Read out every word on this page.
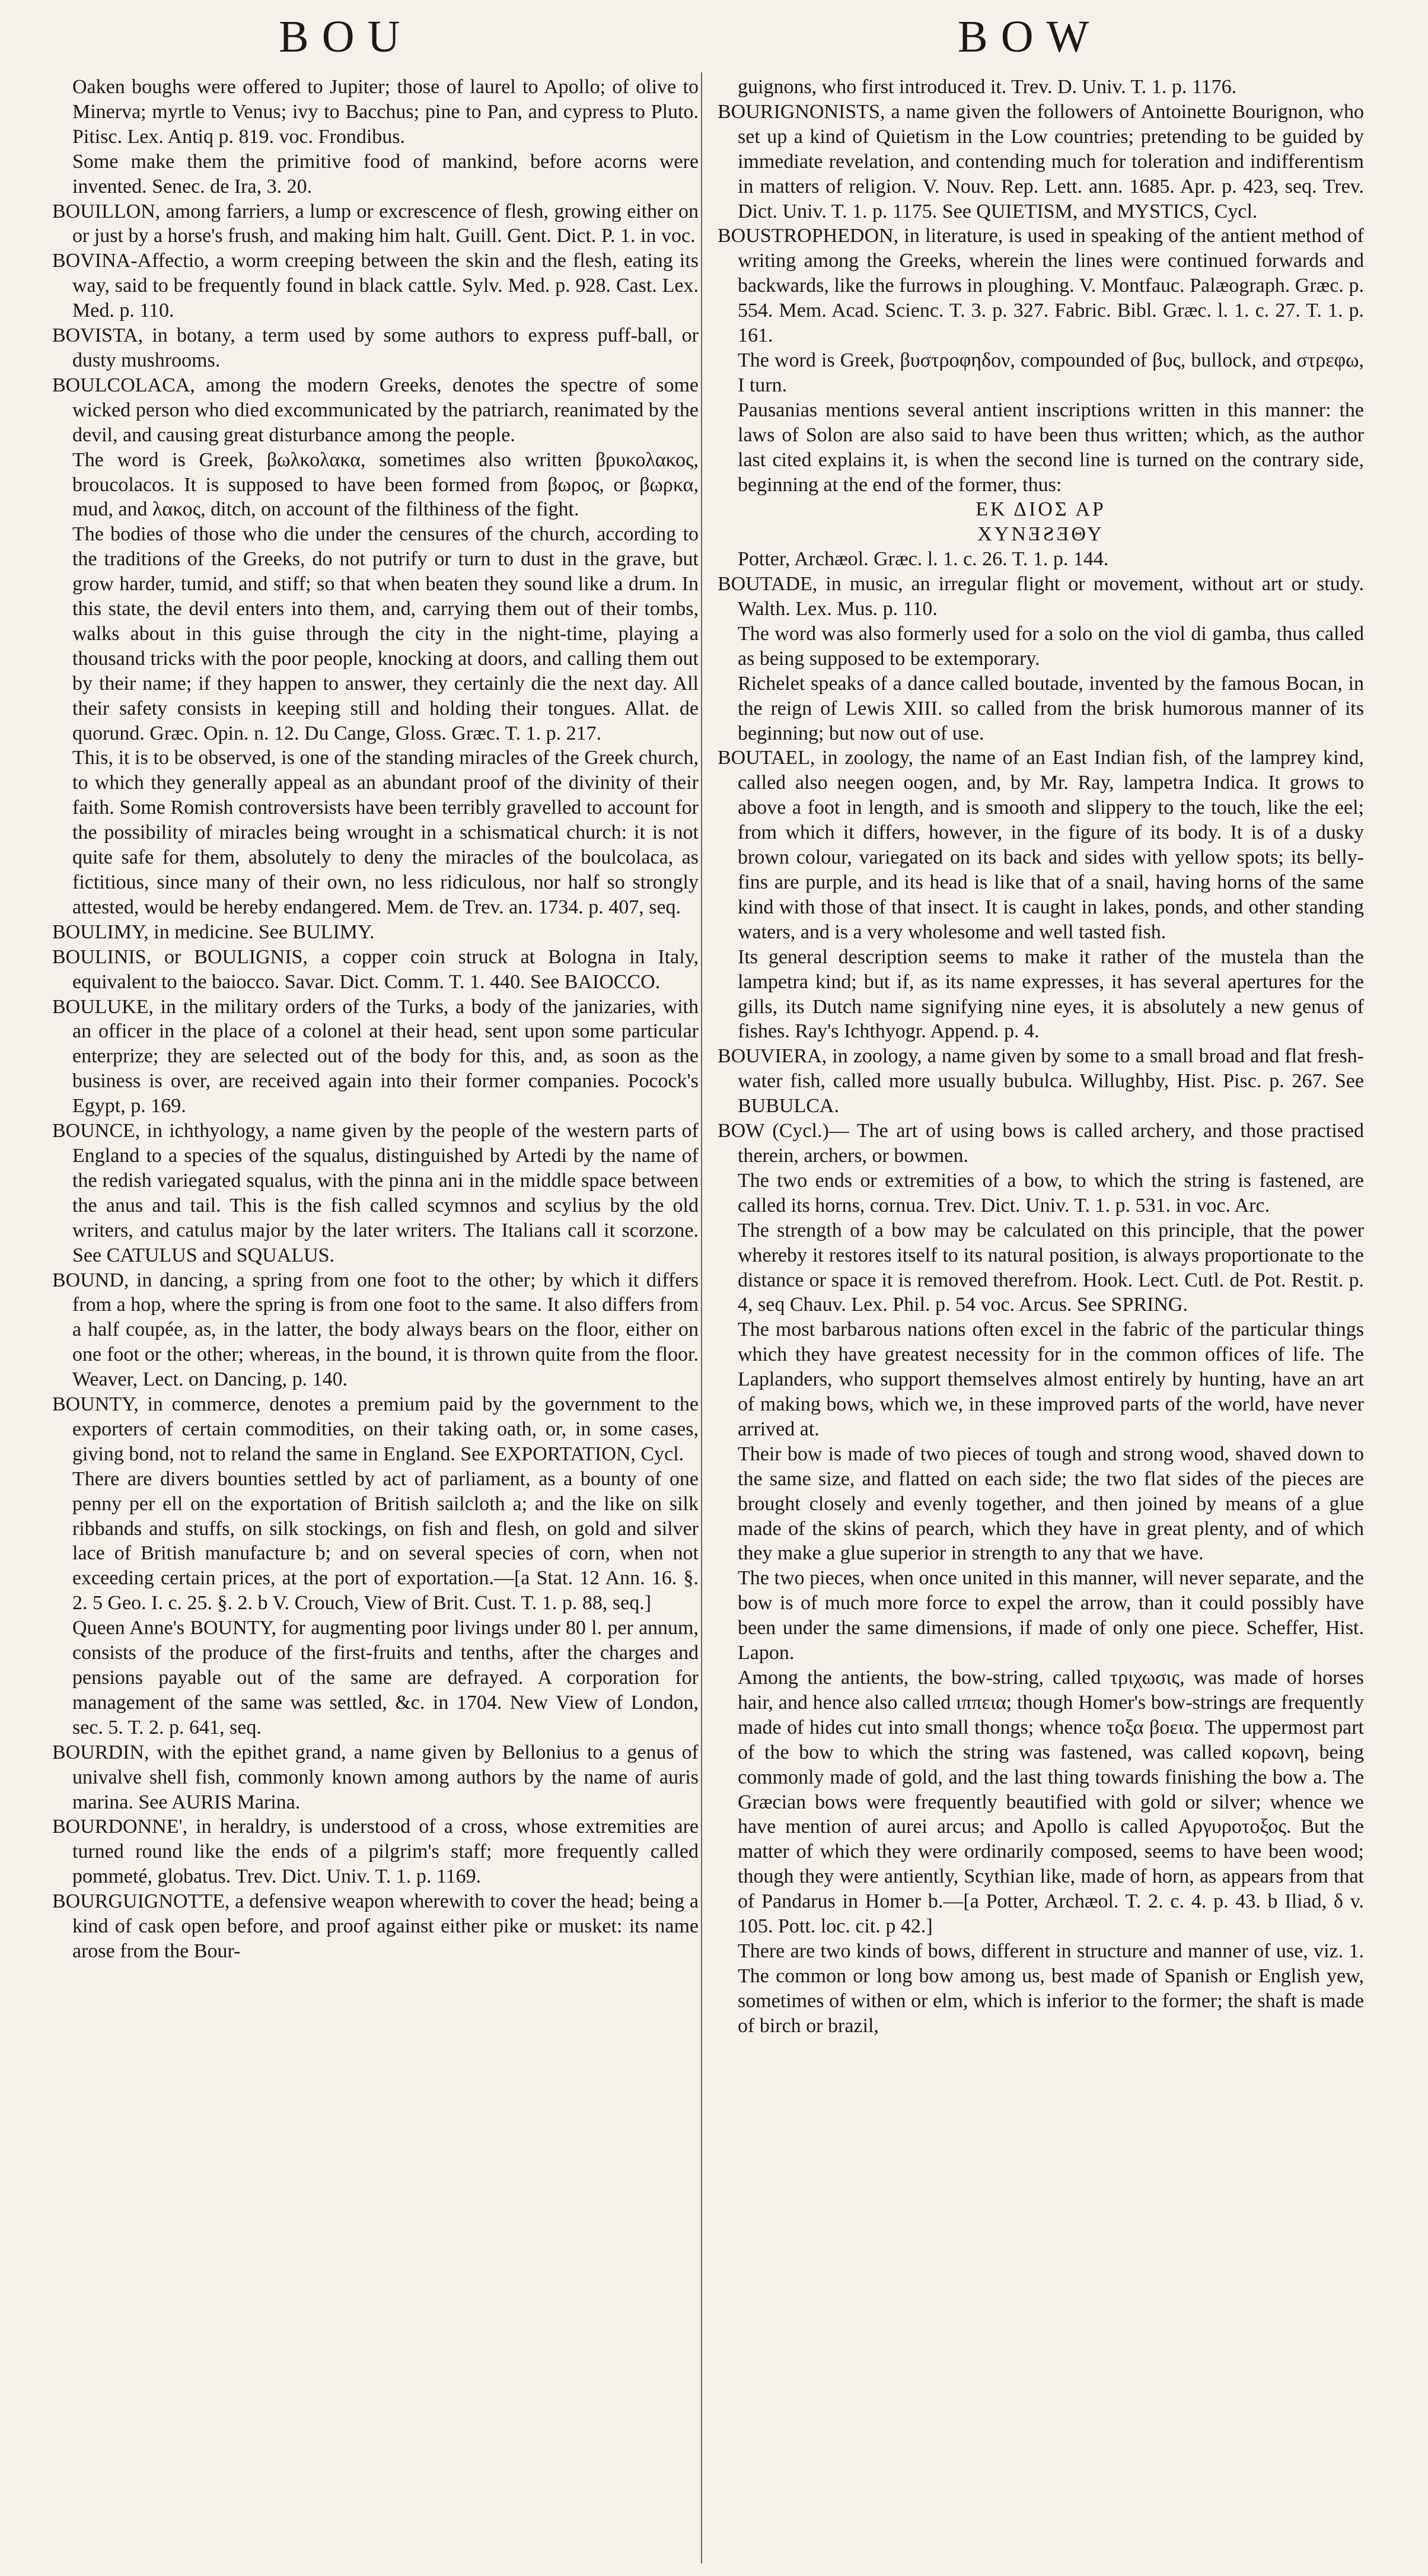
BOU	BOW

Oaken boughs were offered to Jupiter; those of laurel to Apollo; of olive to Minerva; myrtle to Venus; ivy to Bacchus; pine to Pan, and cypress to Pluto. Pitisc. Lex. Antiq p. 819. voc. Frondibus.

Some make them the primitive food of mankind, before acorns were invented. Senec. de Ira, 3. 20.

BOUILLON, among farriers, a lump or excrescence of flesh, growing either on or just by a horse's frush, and making him halt. Guill. Gent. Dict. P. 1. in voc.

BOVINA-Affectio, a worm creeping between the skin and the flesh, eating its way, said to be frequently found in black cattle. Sylv. Med. p. 928. Cast. Lex. Med. p. 110.

BOVISTA, in botany, a term used by some authors to express puff-ball, or dusty mushrooms.

BOULCOLACA, among the modern Greeks, denotes the spectre of some wicked person who died excommunicated by the patriarch, reanimated by the devil, and causing great disturbance among the people.

The word is Greek, βωλκολακα, sometimes also written βρυκολακος, broucolacos. It is supposed to have been formed from βωρος, or βωρκα, mud, and λακος, ditch, on account of the filthiness of the fight.

The bodies of those who die under the censures of the church, according to the traditions of the Greeks, do not putrify or turn to dust in the grave, but grow harder, tumid, and stiff; so that when beaten they sound like a drum. In this state, the devil enters into them, and, carrying them out of their tombs, walks about in this guise through the city in the night-time, playing a thousand tricks with the poor people, knocking at doors, and calling them out by their name; if they happen to answer, they certainly die the next day. All their safety consists in keeping still and holding their tongues. Allat. de quorund. Græc. Opin. n. 12. Du Cange, Gloss. Græc. T. 1. p. 217.

This, it is to be observed, is one of the standing miracles of the Greek church, to which they generally appeal as an abundant proof of the divinity of their faith. Some Romish controversists have been terribly gravelled to account for the possibility of miracles being wrought in a schismatical church: it is not quite safe for them, absolutely to deny the miracles of the boulcolaca, as fictitious, since many of their own, no less ridiculous, nor half so strongly attested, would be hereby endangered. Mem. de Trev. an. 1734. p. 407, seq.

BOULIMY, in medicine. See BULIMY.

BOULINIS, or BOULIGNIS, a copper coin struck at Bologna in Italy, equivalent to the baiocco. Savar. Dict. Comm. T. 1. 440. See BAIOCCO.

BOULUKE, in the military orders of the Turks, a body of the janizaries, with an officer in the place of a colonel at their head, sent upon some particular enterprize; they are selected out of the body for this, and, as soon as the business is over, are received again into their former companies. Pocock's Egypt, p. 169.

BOUNCE, in ichthyology, a name given by the people of the western parts of England to a species of the squalus, distinguished by Artedi by the name of the redish variegated squalus, with the pinna ani in the middle space between the anus and tail. This is the fish called scymnos and scylius by the old writers, and catulus major by the later writers. The Italians call it scorzone. See CATULUS and SQUALUS.

BOUND, in dancing, a spring from one foot to the other; by which it differs from a hop, where the spring is from one foot to the same. It also differs from a half coupée, as, in the latter, the body always bears on the floor, either on one foot or the other; whereas, in the bound, it is thrown quite from the floor. Weaver, Lect. on Dancing, p. 140.

BOUNTY, in commerce, denotes a premium paid by the government to the exporters of certain commodities, on their taking oath, or, in some cases, giving bond, not to reland the same in England. See EXPORTATION, Cycl.

There are divers bounties settled by act of parliament, as a bounty of one penny per ell on the exportation of British sailcloth a; and the like on silk ribbands and stuffs, on silk stockings, on fish and flesh, on gold and silver lace of British manufacture b; and on several species of corn, when not exceeding certain prices, at the port of exportation.—[a Stat. 12 Ann. 16. §. 2. 5 Geo. I. c. 25. §. 2. b V. Crouch, View of Brit. Cust. T. 1. p. 88, seq.]

Queen Anne's BOUNTY, for augmenting poor livings under 80 l. per annum, consists of the produce of the first-fruits and tenths, after the charges and pensions payable out of the same are defrayed. A corporation for management of the same was settled, &c. in 1704. New View of London, sec. 5. T. 2. p. 641, seq.

BOURDIN, with the epithet grand, a name given by Bellonius to a genus of univalve shell fish, commonly known among authors by the name of auris marina. See AURIS Marina.

BOURDONNE', in heraldry, is understood of a cross, whose extremities are turned round like the ends of a pilgrim's staff; more frequently called pommeté, globatus. Trev. Dict. Univ. T. 1. p. 1169.

BOURGUIGNOTTE, a defensive weapon wherewith to cover the head; being a kind of cask open before, and proof against either pike or musket: its name arose from the Bour-

guignons, who first introduced it. Trev. D. Univ. T. 1. p. 1176.

BOURIGNONISTS, a name given the followers of Antoinette Bourignon, who set up a kind of Quietism in the Low countries; pretending to be guided by immediate revelation, and contending much for toleration and indifferentism in matters of religion. V. Nouv. Rep. Lett. ann. 1685. Apr. p. 423, seq. Trev. Dict. Univ. T. 1. p. 1175. See QUIETISM, and MYSTICS, Cycl.

BOUSTROPHEDON, in literature, is used in speaking of the antient method of writing among the Greeks, wherein the lines were continued forwards and backwards, like the furrows in ploughing. V. Montfauc. Palæograph. Græc. p. 554. Mem. Acad. Scienc. T. 3. p. 327. Fabric. Bibl. Græc. l. 1. c. 27. T. 1. p. 161.

The word is Greek, βυστροφηδον, compounded of βυς, bullock, and στρεφω, I turn.

Pausanias mentions several antient inscriptions written in this manner: the laws of Solon are also said to have been thus written; which, as the author last cited explains it, is when the second line is turned on the contrary side, beginning at the end of the former, thus:

ΕΚ ΔΙΟΣ ΑΡ

ΧΥΝƎƧƎΘΥ

Potter, Archæol. Græc. l. 1. c. 26. T. 1. p. 144.

BOUTADE, in music, an irregular flight or movement, without art or study. Walth. Lex. Mus. p. 110.

The word was also formerly used for a solo on the viol di gamba, thus called as being supposed to be extemporary.

Richelet speaks of a dance called boutade, invented by the famous Bocan, in the reign of Lewis XIII. so called from the brisk humorous manner of its beginning; but now out of use.

BOUTAEL, in zoology, the name of an East Indian fish, of the lamprey kind, called also neegen oogen, and, by Mr. Ray, lampetra Indica. It grows to above a foot in length, and is smooth and slippery to the touch, like the eel; from which it differs, however, in the figure of its body. It is of a dusky brown colour, variegated on its back and sides with yellow spots; its belly-fins are purple, and its head is like that of a snail, having horns of the same kind with those of that insect. It is caught in lakes, ponds, and other standing waters, and is a very wholesome and well tasted fish.

Its general description seems to make it rather of the mustela than the lampetra kind; but if, as its name expresses, it has several apertures for the gills, its Dutch name signifying nine eyes, it is absolutely a new genus of fishes. Ray's Ichthyogr. Append. p. 4.

BOUVIERA, in zoology, a name given by some to a small broad and flat fresh-water fish, called more usually bubulca. Willughby, Hist. Pisc. p. 267. See BUBULCA.

BOW (Cycl.)— The art of using bows is called archery, and those practised therein, archers, or bowmen.

The two ends or extremities of a bow, to which the string is fastened, are called its horns, cornua. Trev. Dict. Univ. T. 1. p. 531. in voc. Arc.

The strength of a bow may be calculated on this principle, that the power whereby it restores itself to its natural position, is always proportionate to the distance or space it is removed therefrom. Hook. Lect. Cutl. de Pot. Restit. p. 4, seq Chauv. Lex. Phil. p. 54 voc. Arcus. See SPRING.

The most barbarous nations often excel in the fabric of the particular things which they have greatest necessity for in the common offices of life. The Laplanders, who support themselves almost entirely by hunting, have an art of making bows, which we, in these improved parts of the world, have never arrived at.

Their bow is made of two pieces of tough and strong wood, shaved down to the same size, and flatted on each side; the two flat sides of the pieces are brought closely and evenly together, and then joined by means of a glue made of the skins of pearch, which they have in great plenty, and of which they make a glue superior in strength to any that we have.

The two pieces, when once united in this manner, will never separate, and the bow is of much more force to expel the arrow, than it could possibly have been under the same dimensions, if made of only one piece. Scheffer, Hist. Lapon.

Among the antients, the bow-string, called τριχωσις, was made of horses hair, and hence also called ιππεια; though Homer's bow-strings are frequently made of hides cut into small thongs; whence τοξα βοεια. The uppermost part of the bow to which the string was fastened, was called κορωνη, being commonly made of gold, and the last thing towards finishing the bow a. The Græcian bows were frequently beautified with gold or silver; whence we have mention of aurei arcus; and Apollo is called Αργυροτοξος. But the matter of which they were ordinarily composed, seems to have been wood; though they were antiently, Scythian like, made of horn, as appears from that of Pandarus in Homer b.—[a Potter, Archæol. T. 2. c. 4. p. 43. b Iliad, δ v. 105. Pott. loc. cit. p 42.]

There are two kinds of bows, different in structure and manner of use, viz. 1. The common or long bow among us, best made of Spanish or English yew, sometimes of withen or elm, which is inferior to the former; the shaft is made of birch or brazil,
